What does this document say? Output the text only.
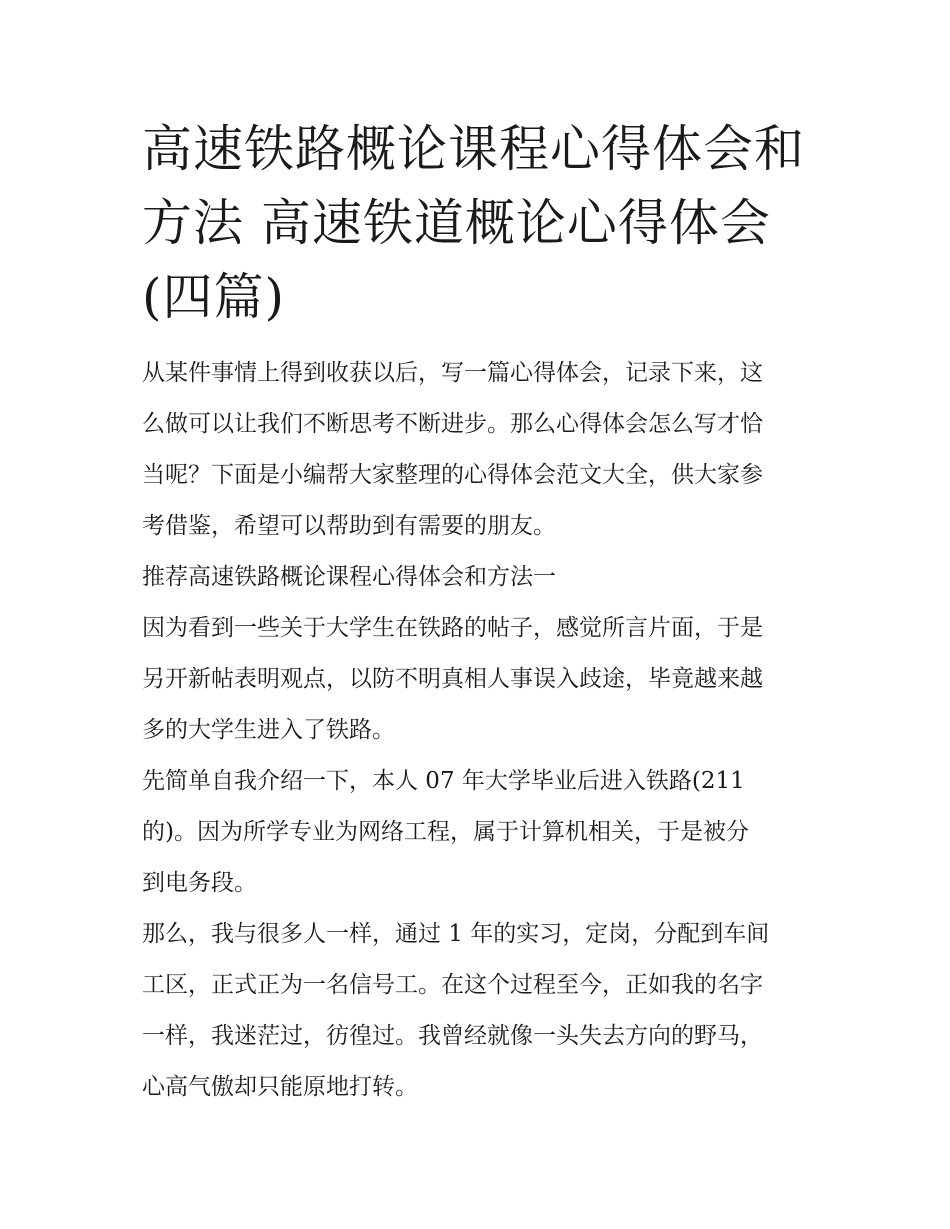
高速铁路概论课程心得体会和
方法 高速铁道概论心得体会
(四篇)

从某件事情上得到收获以后，写一篇心得体会，记录下来，这
么做可以让我们不断思考不断进步。那么心得体会怎么写才恰
当呢？下面是小编帮大家整理的心得体会范文大全，供大家参
考借鉴，希望可以帮助到有需要的朋友。

推荐高速铁路概论课程心得体会和方法一

因为看到一些关于大学生在铁路的帖子，感觉所言片面，于是
另开新帖表明观点，以防不明真相人事误入歧途，毕竟越来越
多的大学生进入了铁路。

先简单自我介绍一下，本人 07 年大学毕业后进入铁路(211
的)。因为所学专业为网络工程，属于计算机相关，于是被分
到电务段。

那么，我与很多人一样，通过 1 年的实习，定岗，分配到车间
工区，正式正为一名信号工。在这个过程至今，正如我的名字
一样，我迷茫过，彷徨过。我曾经就像一头失去方向的野马，
心高气傲却只能原地打转。
